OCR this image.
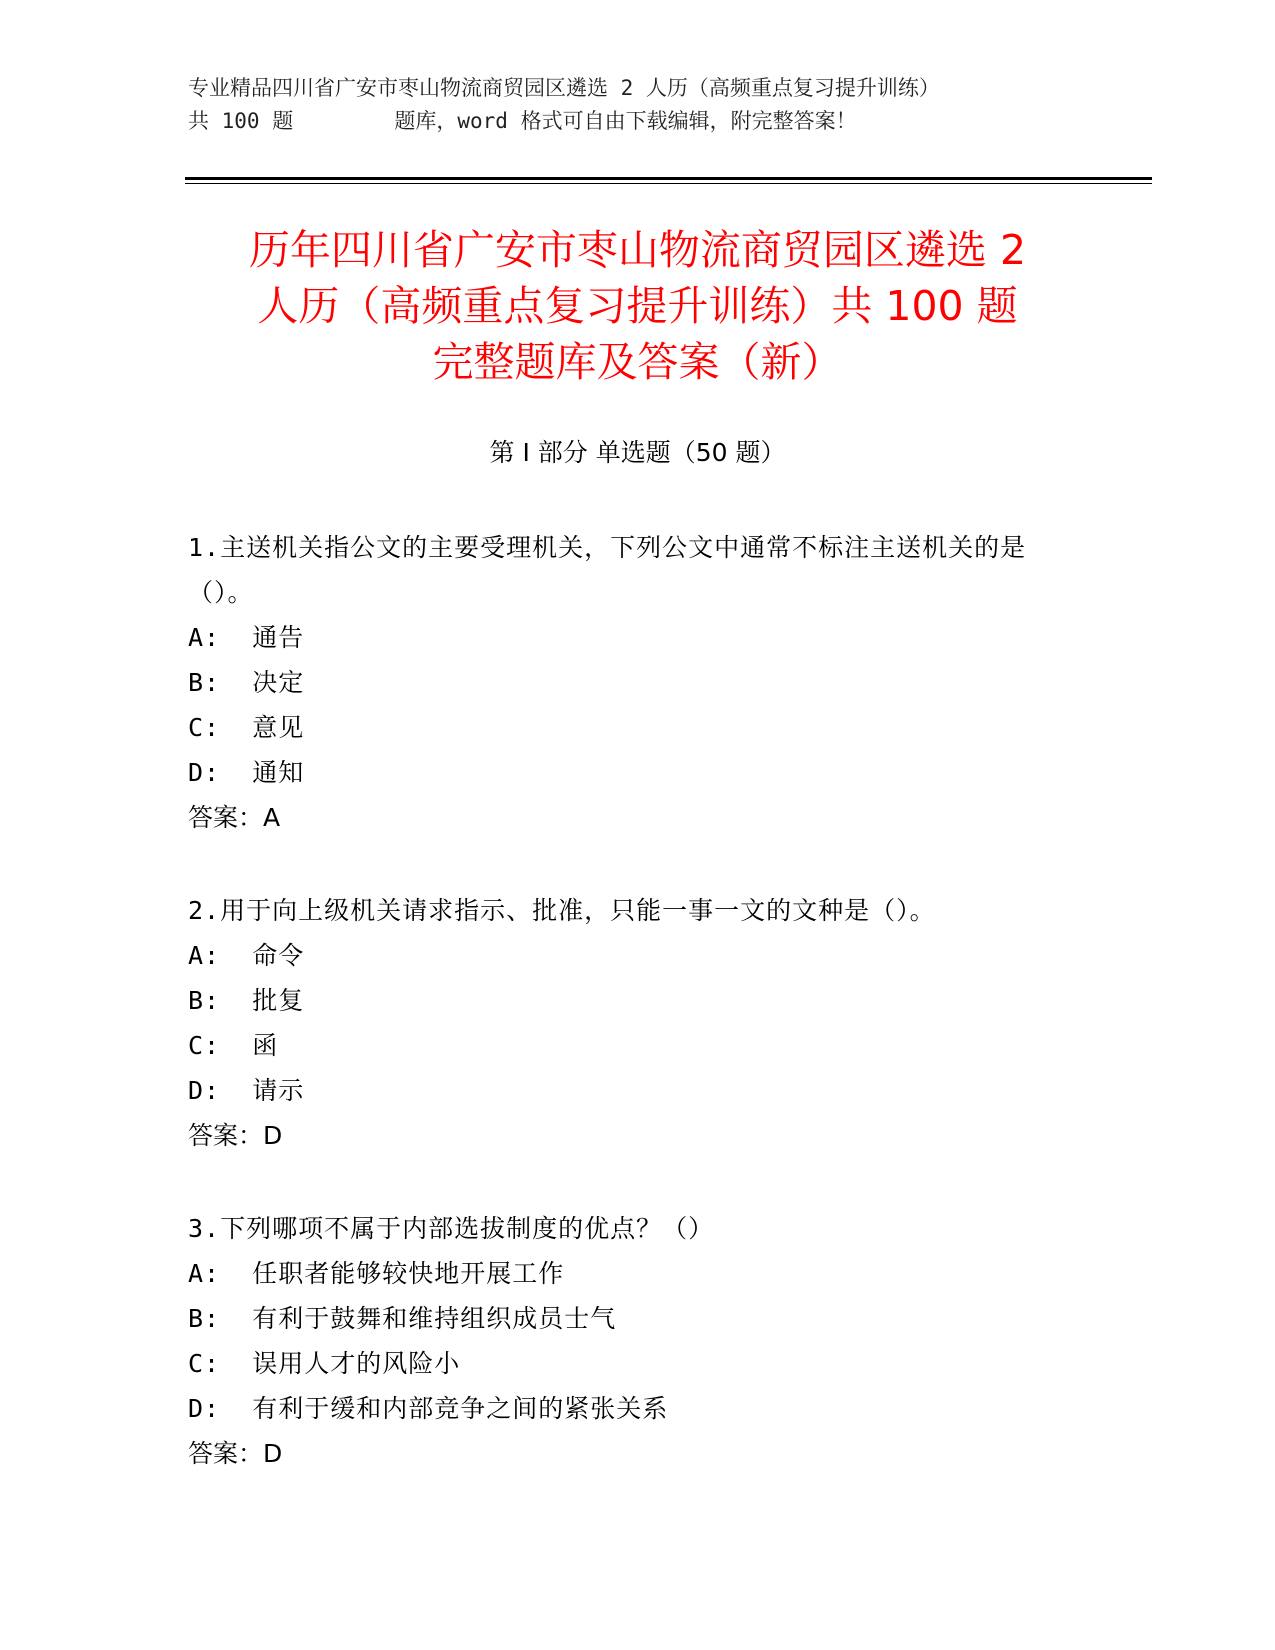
专业精品四川省广安市枣山物流商贸园区遴选 2 人历（高频重点复习提升训练）
共 100 题        题库，word 格式可自由下载编辑，附完整答案！
历年四川省广安市枣山物流商贸园区遴选 2
人历（高频重点复习提升训练）共 100 题
完整题库及答案（新）
第 I 部分 单选题（50 题）
1.主送机关指公文的主要受理机关，下列公文中通常不标注主送机关的是（）。
A:  通告
B:  决定
C:  意见
D:  通知
答案：A
2.用于向上级机关请求指示、批准，只能一事一文的文种是（）。
A:  命令
B:  批复
C:  函
D:  请示
答案：D
3.下列哪项不属于内部选拔制度的优点？（）
A:  任职者能够较快地开展工作
B:  有利于鼓舞和维持组织成员士气
C:  误用人才的风险小
D:  有利于缓和内部竞争之间的紧张关系
答案：D
